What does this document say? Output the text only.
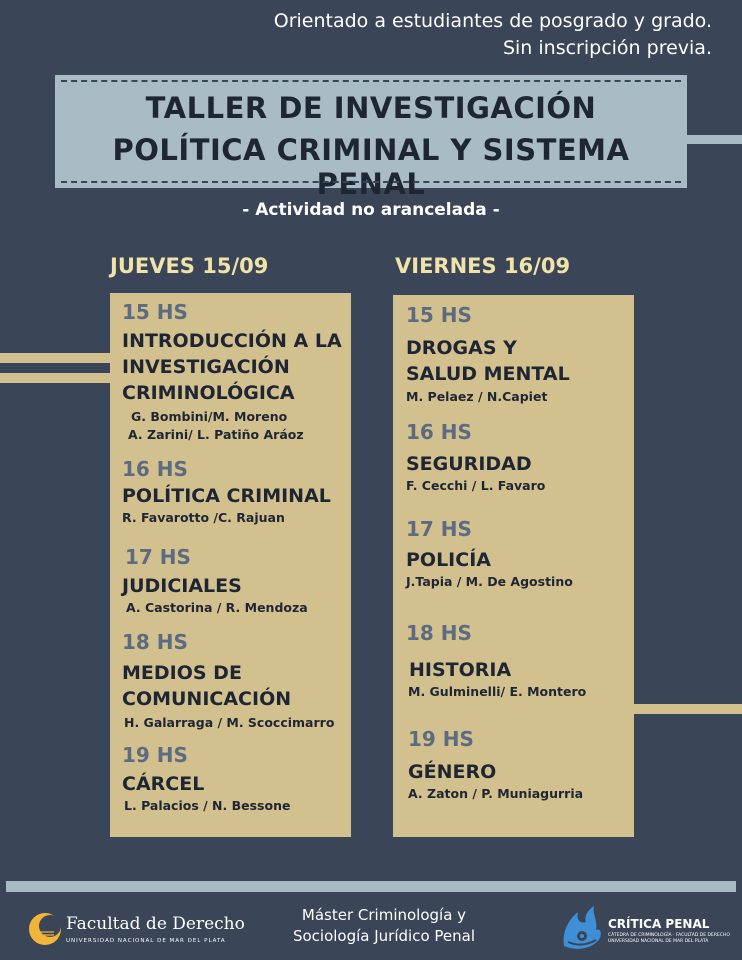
Orientado a estudiantes de posgrado y grado.
Sin inscripción previa.
TALLER DE INVESTIGACIÓN
POLÍTICA CRIMINAL Y SISTEMA PENAL
- Actividad no arancelada -
JUEVES 15/09	VIERNES 16/09
15 HS
INTRODUCCIÓN A LA
INVESTIGACIÓN
CRIMINOLÓGICA
G. Bombini/M. Moreno
A. Zarini/ L. Patiño Aráoz
16 HS
POLÍTICA CRIMINAL
R. Favarotto /C. Rajuan
17 HS
JUDICIALES
A. Castorina / R. Mendoza
18 HS
MEDIOS DE
COMUNICACIÓN
H. Galarraga / M. Scoccimarro
19 HS
CÁRCEL
L. Palacios / N. Bessone
15 HS
DROGAS Y
SALUD MENTAL
M. Pelaez / N.Capiet
16 HS
SEGURIDAD
F. Cecchi / L. Favaro
17 HS
POLICÍA
J.Tapia / M. De Agostino
18 HS
HISTORIA
M. Gulminelli/ E. Montero
19 HS
GÉNERO
A. Zaton / P. Muniagurria
Facultad de Derecho
UNIVERSIDAD NACIONAL DE MAR DEL PLATA
Máster Criminología y
Sociología Jurídico Penal
CRÍTICA PENAL
CÁTEDRA DE CRIMINOLOGÍA · FACULTAD DE DERECHO
UNIVERSIDAD NACIONAL DE MAR DEL PLATA
